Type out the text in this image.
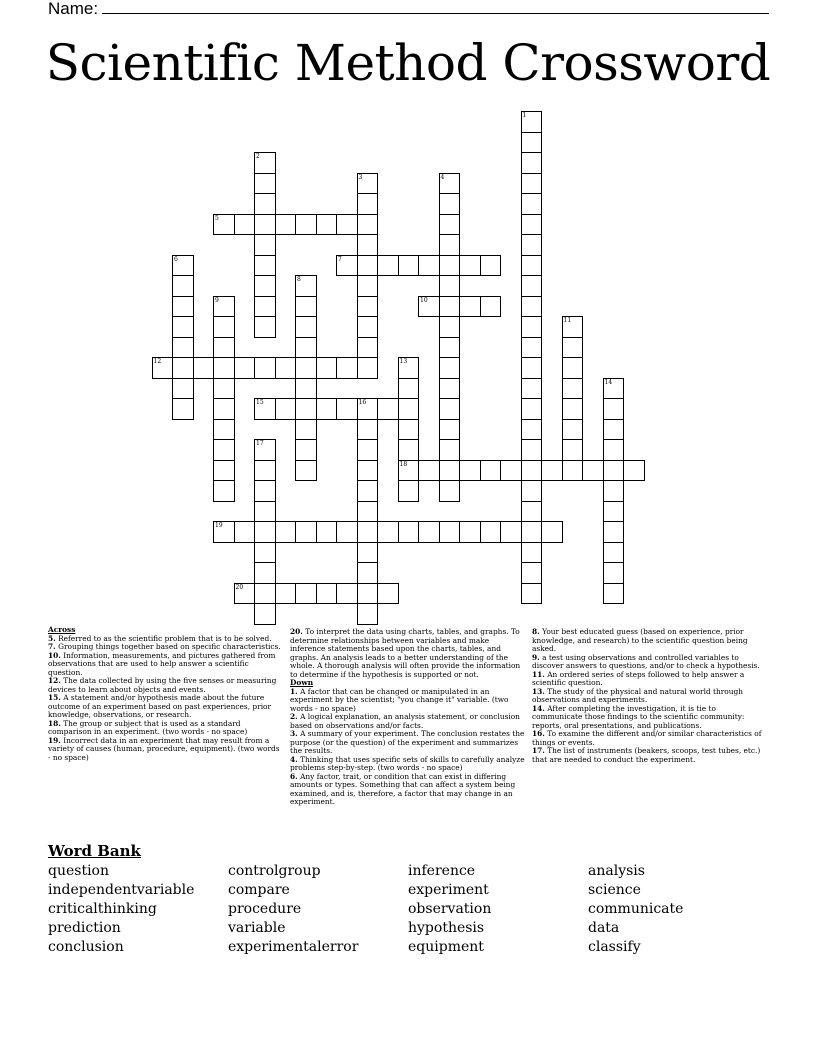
Name:
Scientific Method Crossword
1
2
3	4
5
6	7
8
9	10
11
12	13
18
14
15	16
17
19
20
Across
5. Referred to as the scientific problem that is to be solved.
7. Grouping things together based on specific characteristics.
10. Information, measurements, and pictures gathered from observations that are used to help answer a scientific question.
12. The data collected by using the five senses or measuring devices to learn about objects and events.
15. A statement and/or hypothesis made about the future outcome of an experiment based on past experiences, prior knowledge, observations, or research.
18. The group or subject that is used as a standard comparison in an experiment. (two words - no space)
19. Incorrect data in an experiment that may result from a variety of causes (human, procedure, equipment). (two words - no space)
20. To interpret the data using charts, tables, and graphs. To determine relationships between variables and make inference statements based upon the charts, tables, and graphs. An analysis leads to a better understanding of the whole. A thorough analysis will often provide the information to determine if the hypothesis is supported or not.
Down
1. A factor that can be changed or manipulated in an experiment by the scientist; "you change it" variable. (two words - no space)
2. A logical explanation, an analysis statement, or conclusion based on observations and/or facts.
3. A summary of your experiment. The conclusion restates the purpose (or the question) of the experiment and summarizes the results.
4. Thinking that uses specific sets of skills to carefully analyze problems step-by-step. (two words - no space)
6. Any factor, trait, or condition that can exist in differing amounts or types. Something that can affect a system being examined, and is, therefore, a factor that may change in an experiment.
8. Your best educated guess (based on experience, prior knowledge, and research) to the scientific question being asked.
9. a test using observations and controlled variables to discover answers to questions, and/or to check a hypothesis.
11. An ordered series of steps followed to help answer a scientific question.
13. The study of the physical and natural world through observations and experiments.
14. After completing the investigation, it is tie to communicate those findings to the scientific community: reports, oral presentations, and publications.
16. To examine the different and/or similar characteristics of things or events.
17. The list of instruments (beakers, scoops, test tubes, etc.) that are needed to conduct the experiment.
Word Bank
question
independentvariable
criticalthinking
prediction
conclusion
controlgroup
compare
procedure
variable
experimentalerror
inference
experiment
observation
hypothesis
equipment
analysis
science
communicate
data
classify
